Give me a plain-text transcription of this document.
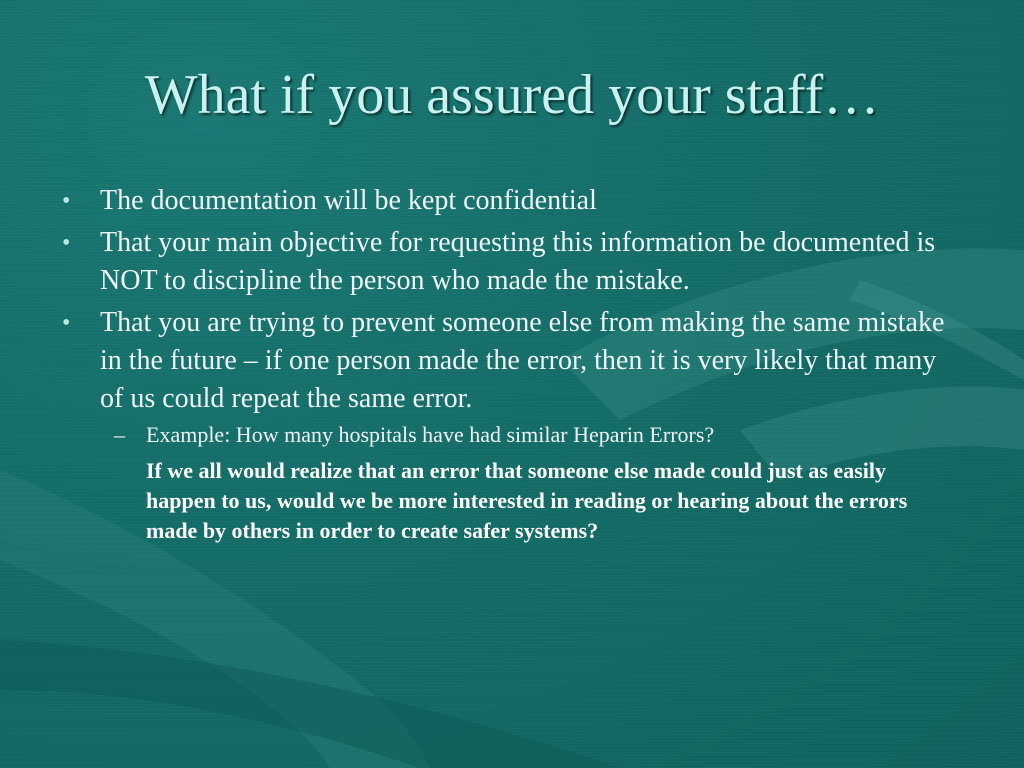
What if you assured your staff…
• The documentation will be kept confidential
• That your main objective for requesting this information be documented is NOT to discipline the person who made the mistake.
• That you are trying to prevent someone else from making the same mistake in the future – if one person made the error, then it is very likely that many of us could repeat the same error.
– Example: How many hospitals have had similar Heparin Errors?

If we all would realize that an error that someone else made could just as easily happen to us, would we be more interested in reading or hearing about the errors made by others in order to create safer systems?
